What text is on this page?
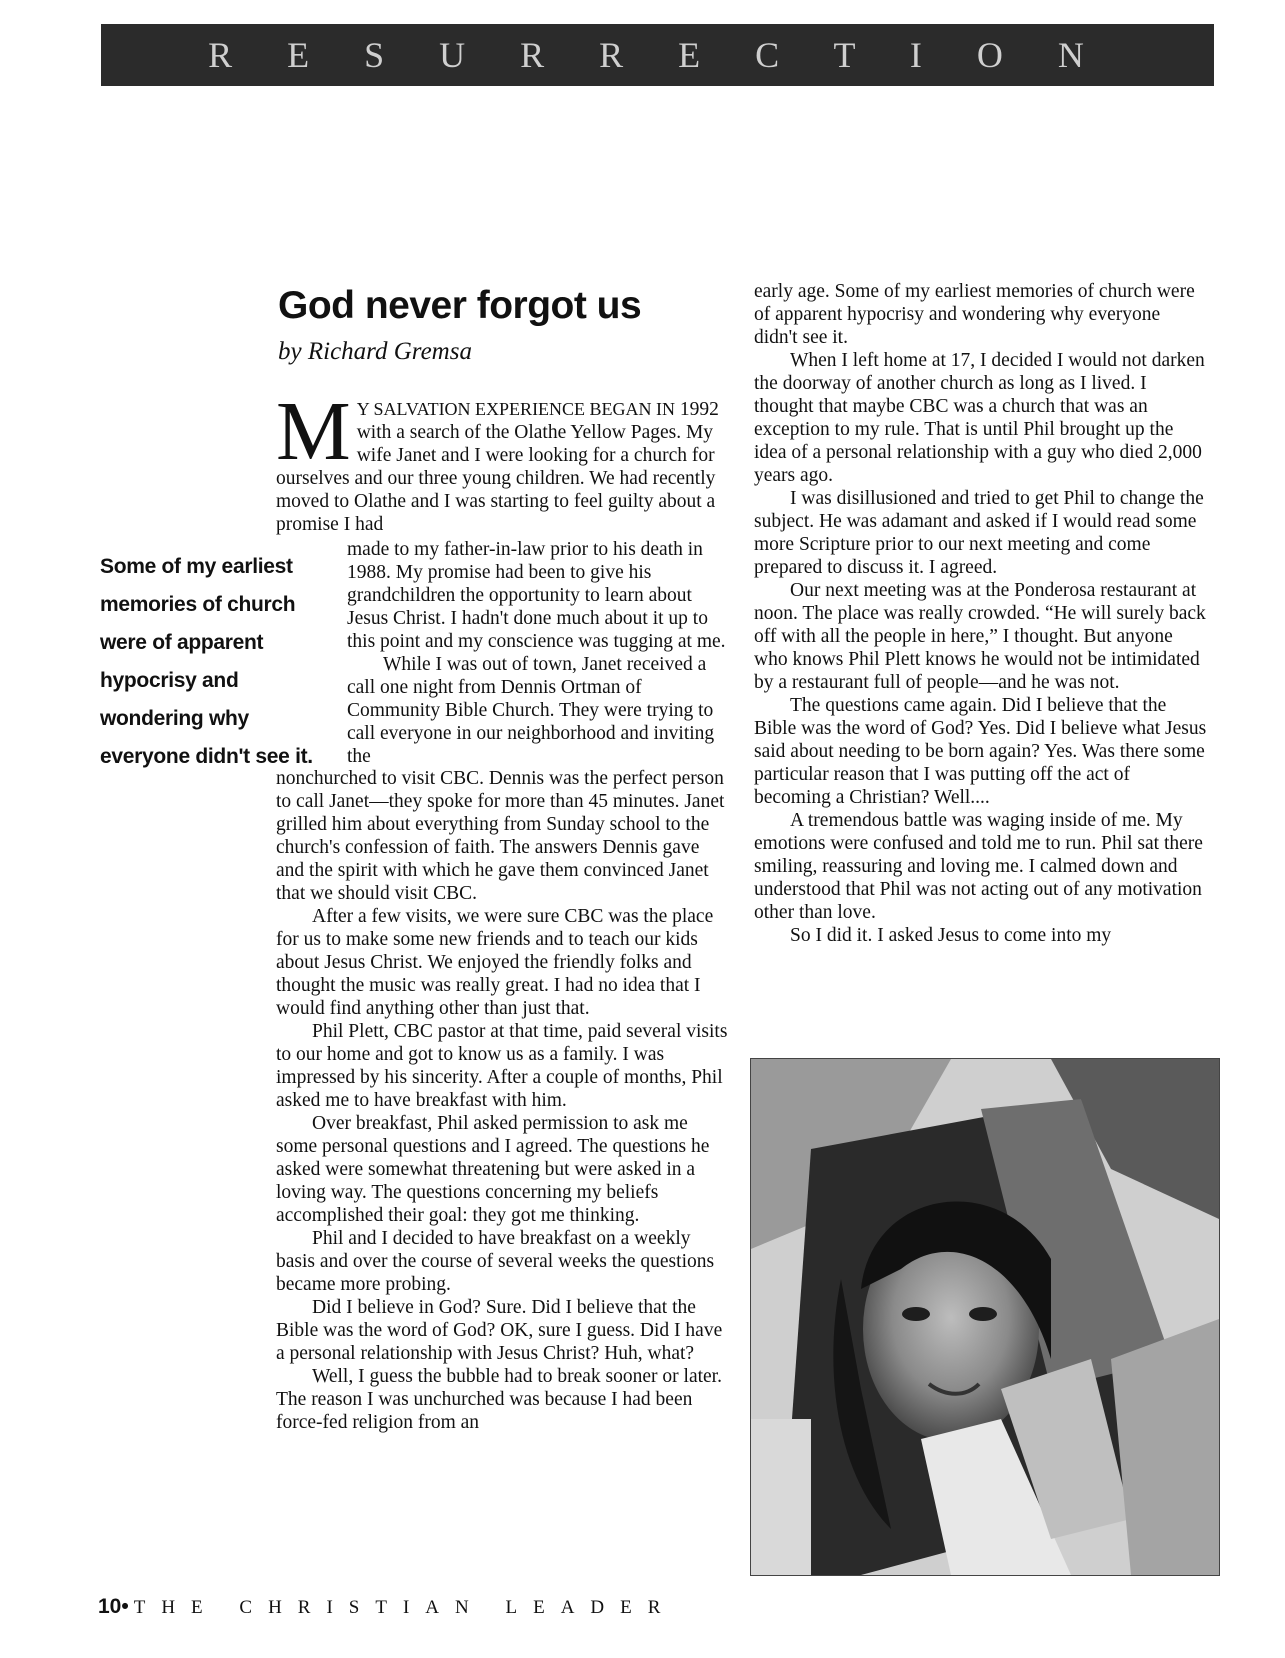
R E S U R R E C T I O N
God never forgot us
by Richard Gremsa

M Y SALVATION EXPERIENCE BEGAN IN 1992 with a search of the Olathe Yellow Pages. My wife Janet and I were looking for a church for ourselves and our three young children. We had recently moved to Olathe and I was starting to feel guilty about a promise I had

made to my father-in-law prior to his death in 1988. My promise had been to give his grandchildren the opportunity to learn about Jesus Christ. I hadn't done much about it up to this point and my conscience was tugging at me.

While I was out of town, Janet received a call one night from Dennis Ortman of Community Bible Church. They were trying to call everyone in our neighborhood and inviting the

Some of my earliest memories of church were of apparent hypocrisy and wondering why everyone didn't see it.

nonchurched to visit CBC. Dennis was the perfect person to call Janet—they spoke for more than 45 minutes. Janet grilled him about everything from Sunday school to the church's confession of faith. The answers Dennis gave and the spirit with which he gave them convinced Janet that we should visit CBC.

After a few visits, we were sure CBC was the place for us to make some new friends and to teach our kids about Jesus Christ. We enjoyed the friendly folks and thought the music was really great. I had no idea that I would find anything other than just that.

Phil Plett, CBC pastor at that time, paid several visits to our home and got to know us as a family. I was impressed by his sincerity. After a couple of months, Phil asked me to have breakfast with him.

Over breakfast, Phil asked permission to ask me some personal questions and I agreed. The questions he asked were somewhat threatening but were asked in a loving way. The questions concerning my beliefs accomplished their goal: they got me thinking.

Phil and I decided to have breakfast on a weekly basis and over the course of several weeks the questions became more probing.

Did I believe in God? Sure. Did I believe that the Bible was the word of God? OK, sure I guess. Did I have a personal relationship with Jesus Christ? Huh, what?

Well, I guess the bubble had to break sooner or later. The reason I was unchurched was because I had been force-fed religion from an

early age. Some of my earliest memories of church were of apparent hypocrisy and wondering why everyone didn't see it.

When I left home at 17, I decided I would not darken the doorway of another church as long as I lived. I thought that maybe CBC was a church that was an exception to my rule. That is until Phil brought up the idea of a personal relationship with a guy who died 2,000 years ago.

I was disillusioned and tried to get Phil to change the subject. He was adamant and asked if I would read some more Scripture prior to our next meeting and come prepared to discuss it. I agreed.

Our next meeting was at the Ponderosa restaurant at noon. The place was really crowded. “He will surely back off with all the people in here,” I thought. But anyone who knows Phil Plett knows he would not be intimidated by a restaurant full of people—and he was not.

The questions came again. Did I believe that the Bible was the word of God? Yes. Did I believe what Jesus said about needing to be born again? Yes. Was there some particular reason that I was putting off the act of becoming a Christian? Well....

A tremendous battle was waging inside of me. My emotions were confused and told me to run. Phil sat there smiling, reassuring and loving me. I calmed down and understood that Phil was not acting out of any motivation other than love.

So I did it. I asked Jesus to come into my

10• THE CHRISTIAN LEADER
